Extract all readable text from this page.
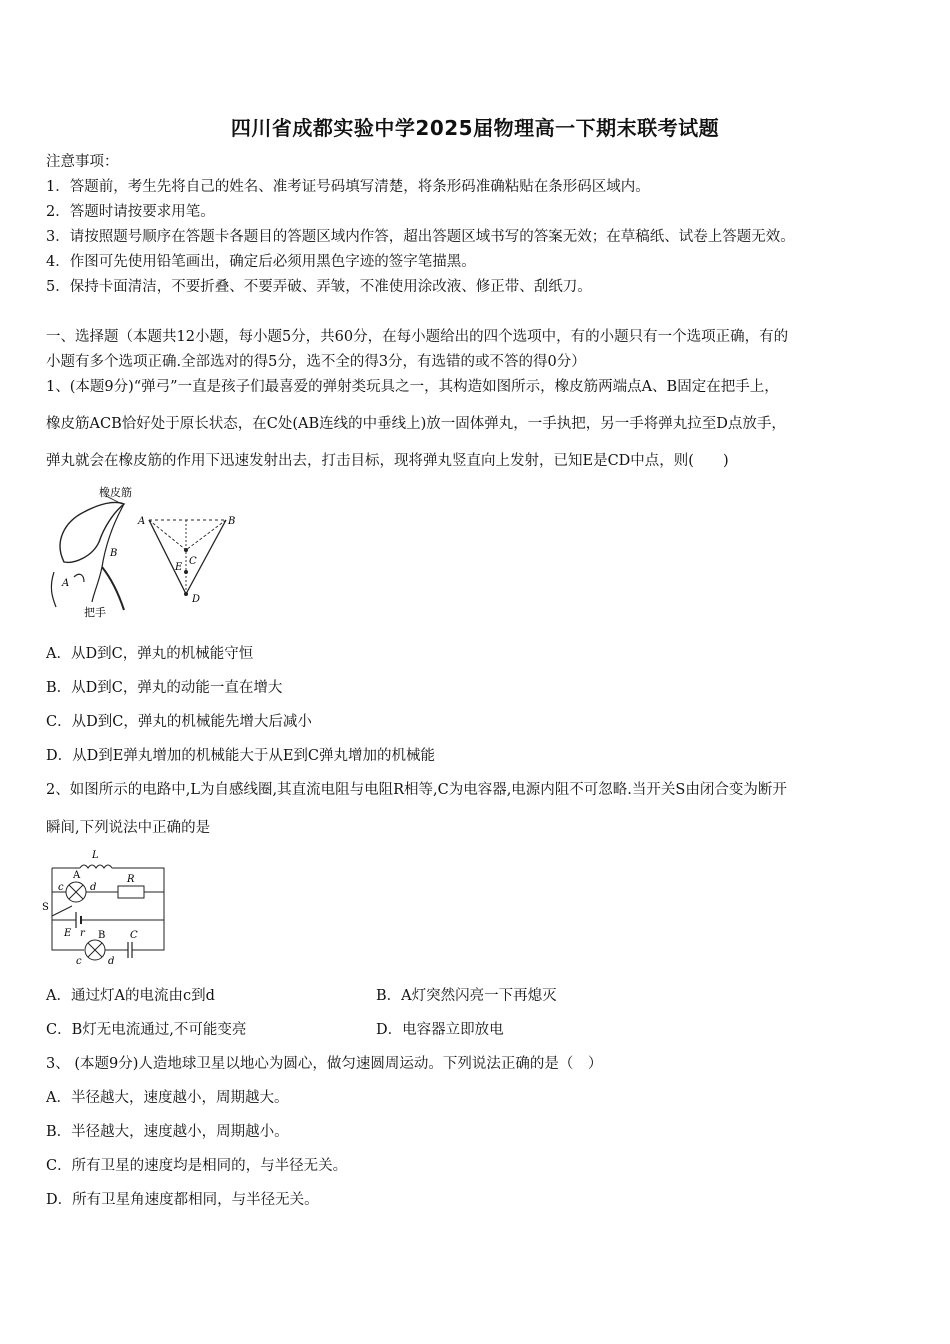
四川省成都实验中学2025届物理高一下期末联考试题
注意事项：
1．答题前，考生先将自己的姓名、准考证号码填写清楚，将条形码准确粘贴在条形码区域内。
2．答题时请按要求用笔。
3．请按照题号顺序在答题卡各题目的答题区域内作答，超出答题区域书写的答案无效；在草稿纸、试卷上答题无效。
4．作图可先使用铅笔画出，确定后必须用黑色字迹的签字笔描黑。
5．保持卡面清洁，不要折叠、不要弄破、弄皱，不准使用涂改液、修正带、刮纸刀。
一、选择题（本题共12小题，每小题5分，共60分，在每小题给出的四个选项中，有的小题只有一个选项正确，有的
小题有多个选项正确.全部选对的得5分，选不全的得3分，有选错的或不答的得0分）
1、(本题9分)“弹弓”一直是孩子们最喜爱的弹射类玩具之一，其构造如图所示，橡皮筋两端点A、B固定在把手上，
橡皮筋ACB恰好处于原长状态，在C处(AB连线的中垂线上)放一固体弹丸，一手执把，另一手将弹丸拉至D点放手，
弹丸就会在橡皮筋的作用下迅速发射出去，打击目标，现将弹丸竖直向上发射，已知E是CD中点，则(　　)
橡皮筋
把手
A
B
A	B
C
E
D
A．从D到C，弹丸的机械能守恒
B．从D到C，弹丸的动能一直在增大
C．从D到C，弹丸的机械能先增大后减小
D．从D到E弹丸增加的机械能大于从E到C弹丸增加的机械能
2、如图所示的电路中,L为自感线圈,其直流电阻与电阻R相等,C为电容器,电源内阻不可忽略.当开关S由闭合变为断开
瞬间,下列说法中正确的是
L
A
c	d
R
S
E r B C
c	d
A．通过灯A的电流由c到d	B．A灯突然闪亮一下再熄灭
C．B灯无电流通过,不可能变亮	D．电容器立即放电
3、 (本题9分)人造地球卫星以地心为圆心，做匀速圆周运动。下列说法正确的是（　）
A．半径越大，速度越小，周期越大。
B．半径越大，速度越小，周期越小。
C．所有卫星的速度均是相同的，与半径无关。
D．所有卫星角速度都相同，与半径无关。
